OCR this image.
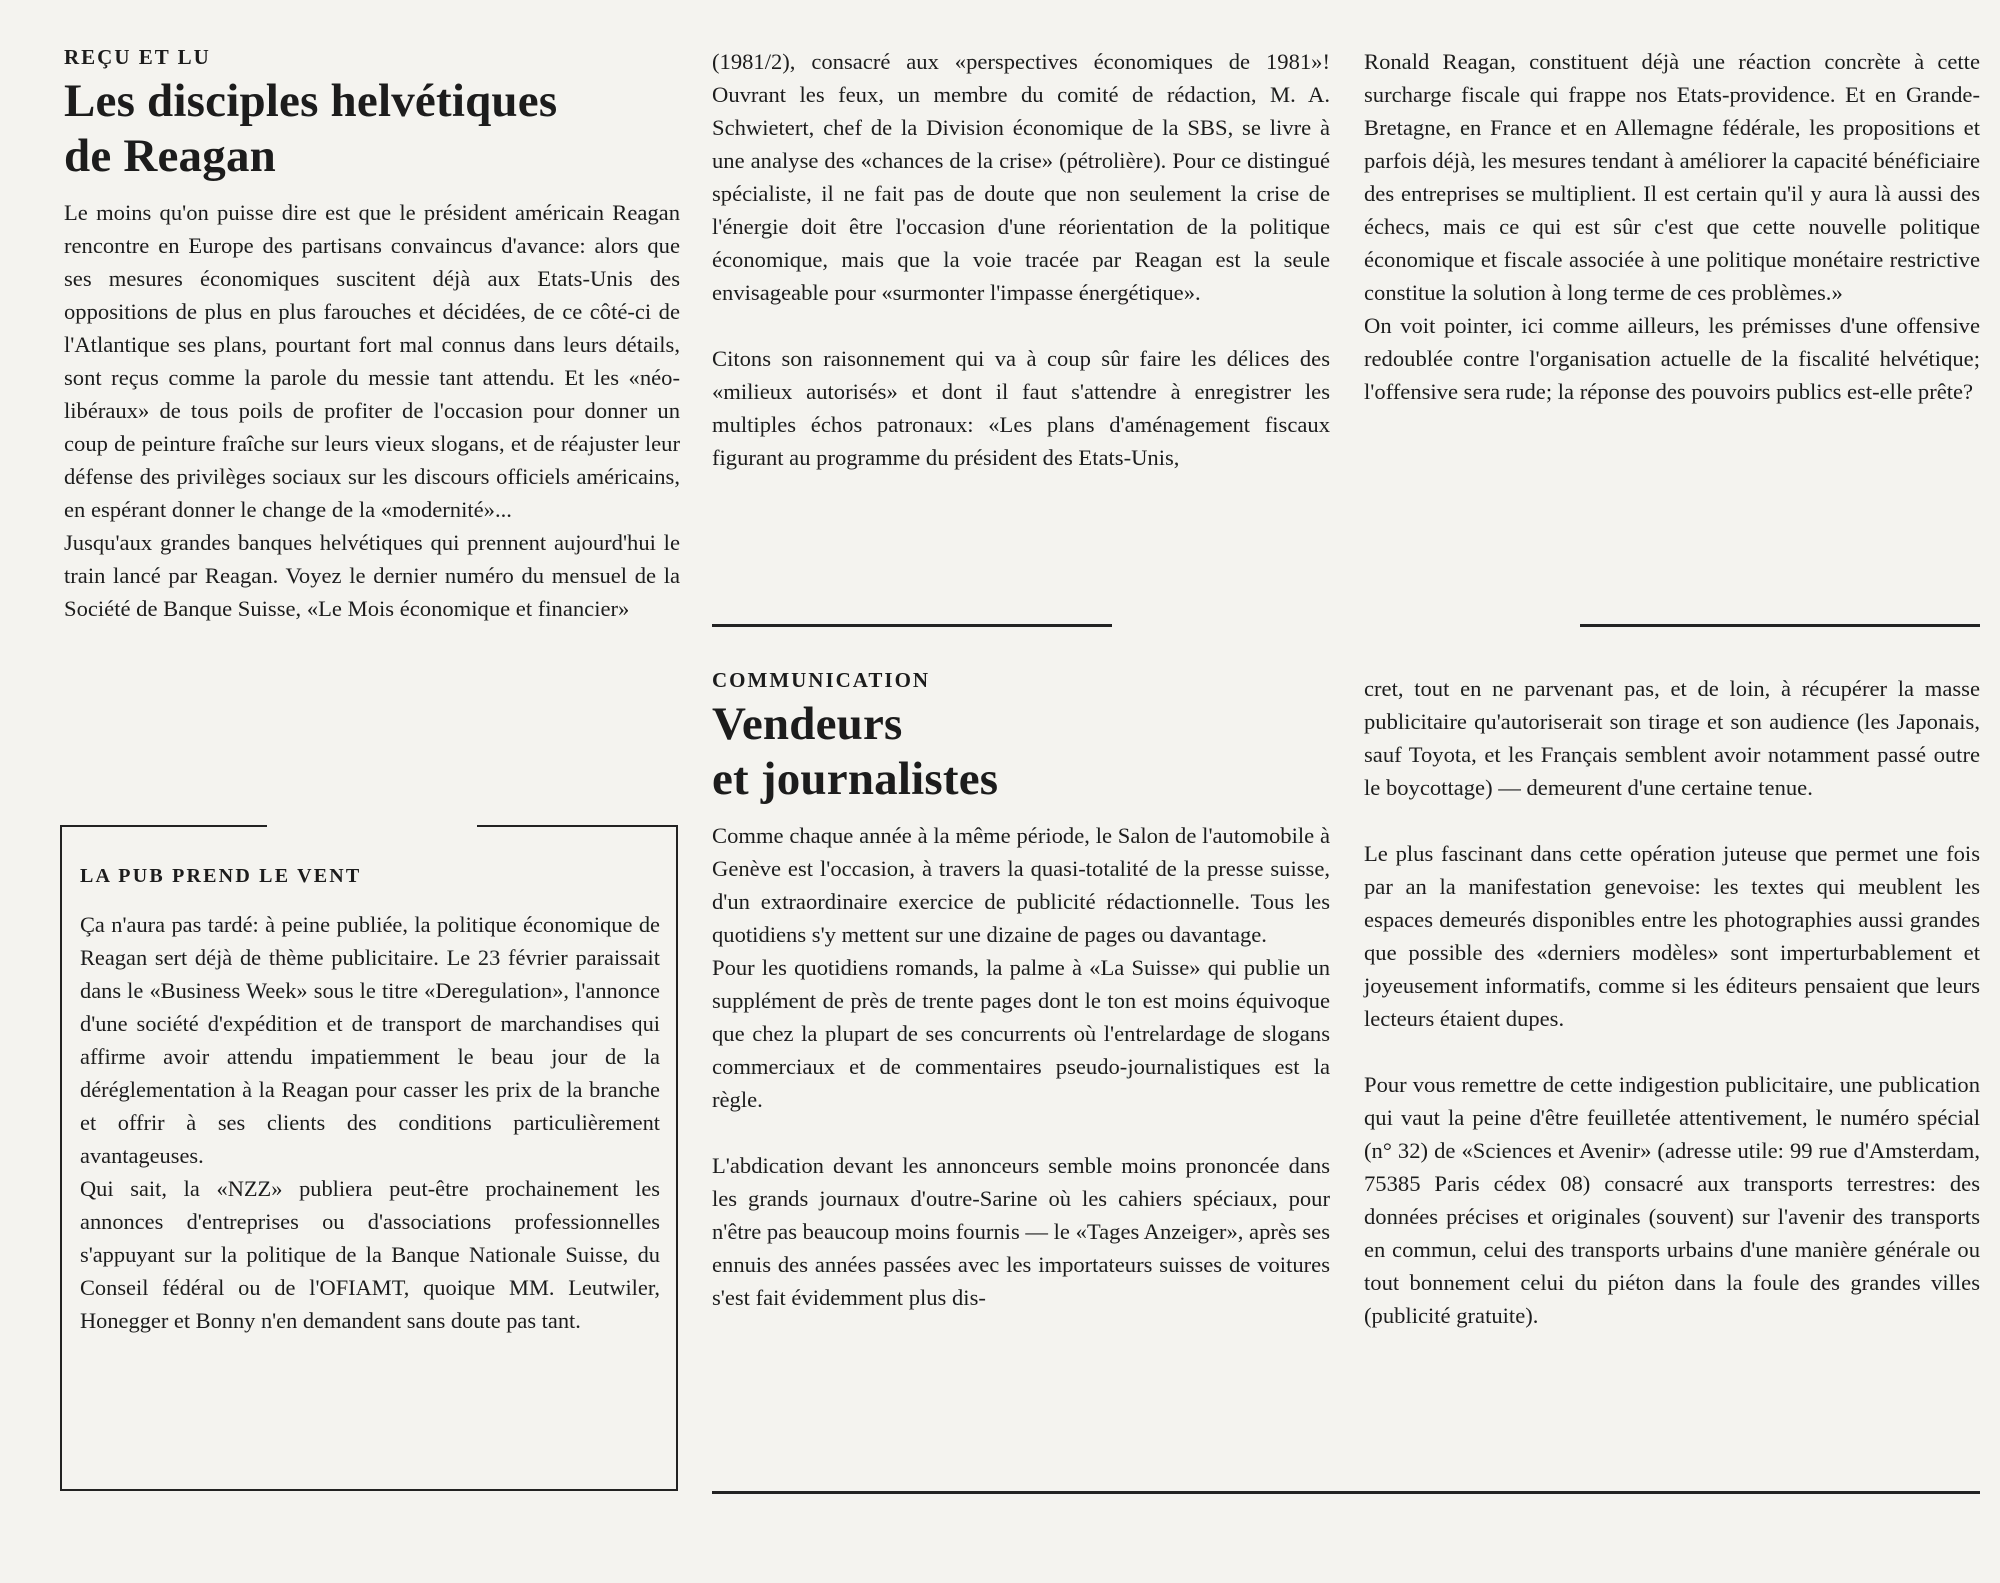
REÇU ET LU
Les disciples helvétiques
de Reagan

Le moins qu'on puisse dire est que le président américain Reagan rencontre en Europe des partisans convaincus d'avance: alors que ses mesures économiques suscitent déjà aux Etats-Unis des oppositions de plus en plus farouches et décidées, de ce côté-ci de l'Atlantique ses plans, pourtant fort mal connus dans leurs détails, sont reçus comme la parole du messie tant attendu. Et les «néo-libéraux» de tous poils de profiter de l'occasion pour donner un coup de peinture fraîche sur leurs vieux slogans, et de réajuster leur défense des privilèges sociaux sur les discours officiels américains, en espérant donner le change de la «modernité»...

Jusqu'aux grandes banques helvétiques qui prennent aujourd'hui le train lancé par Reagan. Voyez le dernier numéro du mensuel de la Société de Banque Suisse, «Le Mois économique et financier»

LA PUB PREND LE VENT

Ça n'aura pas tardé: à peine publiée, la politique économique de Reagan sert déjà de thème publicitaire. Le 23 février paraissait dans le «Business Week» sous le titre «Deregulation», l'annonce d'une société d'expédition et de transport de marchandises qui affirme avoir attendu impatiemment le beau jour de la déréglementation à la Reagan pour casser les prix de la branche et offrir à ses clients des conditions particulièrement avantageuses.

Qui sait, la «NZZ» publiera peut-être prochainement les annonces d'entreprises ou d'associations professionnelles s'appuyant sur la politique de la Banque Nationale Suisse, du Conseil fédéral ou de l'OFIAMT, quoique MM. Leutwiler, Honegger et Bonny n'en demandent sans doute pas tant.

(1981/2), consacré aux «perspectives économiques de 1981»! Ouvrant les feux, un membre du comité de rédaction, M. A. Schwietert, chef de la Division économique de la SBS, se livre à une analyse des «chances de la crise» (pétrolière). Pour ce distingué spécialiste, il ne fait pas de doute que non seulement la crise de l'énergie doit être l'occasion d'une réorientation de la politique économique, mais que la voie tracée par Reagan est la seule envisageable pour «surmonter l'impasse énergétique».

Citons son raisonnement qui va à coup sûr faire les délices des «milieux autorisés» et dont il faut s'attendre à enregistrer les multiples échos patronaux: «Les plans d'aménagement fiscaux figurant au programme du président des Etats-Unis,

COMMUNICATION
Vendeurs
et journalistes

Comme chaque année à la même période, le Salon de l'automobile à Genève est l'occasion, à travers la quasi-totalité de la presse suisse, d'un extraordinaire exercice de publicité rédactionnelle. Tous les quotidiens s'y mettent sur une dizaine de pages ou davantage.

Pour les quotidiens romands, la palme à «La Suisse» qui publie un supplément de près de trente pages dont le ton est moins équivoque que chez la plupart de ses concurrents où l'entrelardage de slogans commerciaux et de commentaires pseudo-journalistiques est la règle.

L'abdication devant les annonceurs semble moins prononcée dans les grands journaux d'outre-Sarine où les cahiers spéciaux, pour n'être pas beaucoup moins fournis — le «Tages Anzeiger», après ses ennuis des années passées avec les importateurs suisses de voitures s'est fait évidemment plus dis-

Ronald Reagan, constituent déjà une réaction concrète à cette surcharge fiscale qui frappe nos Etats-providence. Et en Grande-Bretagne, en France et en Allemagne fédérale, les propositions et parfois déjà, les mesures tendant à améliorer la capacité bénéficiaire des entreprises se multiplient. Il est certain qu'il y aura là aussi des échecs, mais ce qui est sûr c'est que cette nouvelle politique économique et fiscale associée à une politique monétaire restrictive constitue la solution à long terme de ces problèmes.»

On voit pointer, ici comme ailleurs, les prémisses d'une offensive redoublée contre l'organisation actuelle de la fiscalité helvétique; l'offensive sera rude; la réponse des pouvoirs publics est-elle prête?

cret, tout en ne parvenant pas, et de loin, à récupérer la masse publicitaire qu'autoriserait son tirage et son audience (les Japonais, sauf Toyota, et les Français semblent avoir notamment passé outre le boycottage) — demeurent d'une certaine tenue.

Le plus fascinant dans cette opération juteuse que permet une fois par an la manifestation genevoise: les textes qui meublent les espaces demeurés disponibles entre les photographies aussi grandes que possible des «derniers modèles» sont imperturbablement et joyeusement informatifs, comme si les éditeurs pensaient que leurs lecteurs étaient dupes.

Pour vous remettre de cette indigestion publicitaire, une publication qui vaut la peine d'être feuilletée attentivement, le numéro spécial (n° 32) de «Sciences et Avenir» (adresse utile: 99 rue d'Amsterdam, 75385 Paris cédex 08) consacré aux transports terrestres: des données précises et originales (souvent) sur l'avenir des transports en commun, celui des transports urbains d'une manière générale ou tout bonnement celui du piéton dans la foule des grandes villes (publicité gratuite).
